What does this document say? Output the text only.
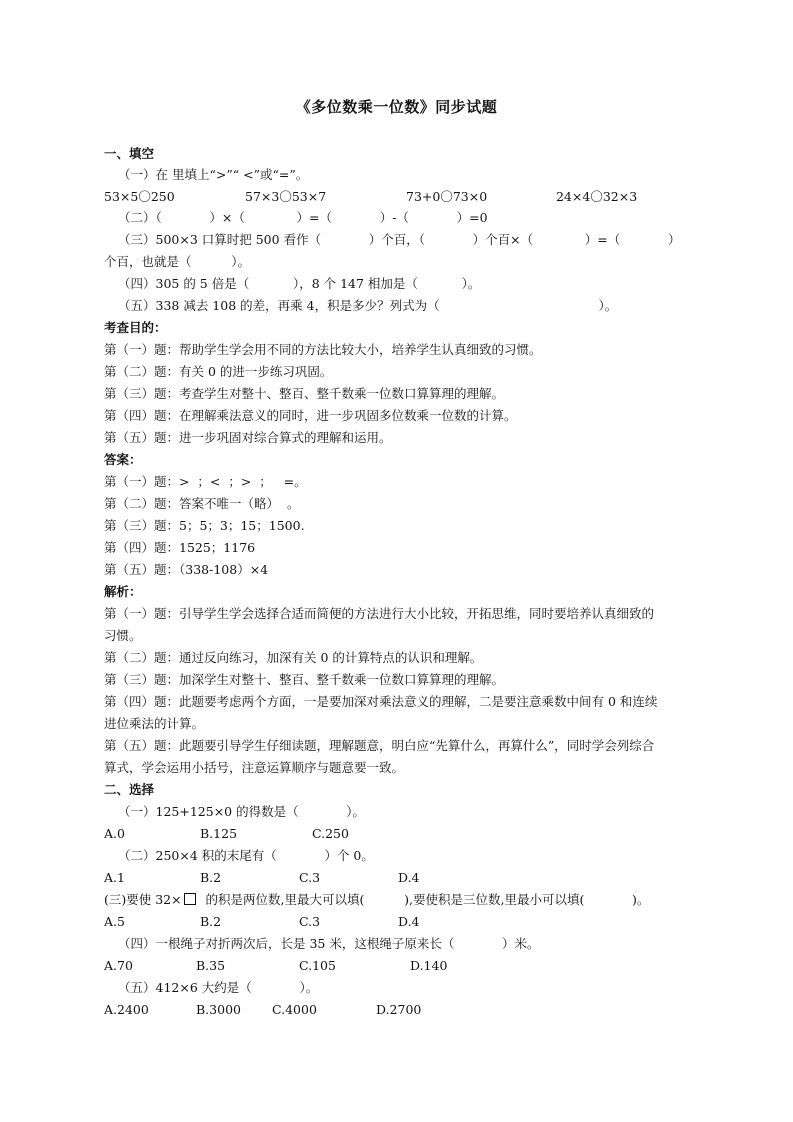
《多位数乘一位数》同步试题
一、填空
（一）在 里填上“>”“ <”或“=”。
53×5〇250	57×3〇53×7	73+0〇73×0	24×4〇32×3
（二）（            ）×（             ）=（            ）-（            ）=0
（三）500×3 口算时把 500 看作（            ）个百，（            ）个百×（             ）=（            ）
个百，也就是（          ）。
（四）305 的 5 倍是（           ），8 个 147 相加是（           ）。
（五）338 减去 108 的差，再乘 4，积是多少？列式为（                                        ）。
考查目的：
第（一）题：帮助学生学会用不同的方法比较大小，培养学生认真细致的习惯。
第（二）题：有关 0 的进一步练习巩固。
第（三）题：考查学生对整十、整百、整千数乘一位数口算算理的理解。
第（四）题：在理解乘法意义的同时，进一步巩固多位数乘一位数的计算。
第（五）题：进一步巩固对综合算式的理解和运用。
答案：
第（一）题：>  ；<  ；>  ；   =。
第（二）题：答案不唯一（略）  。
第（三）题：5；5；3；15；1500.
第（四）题：1525；1176
第（五）题：（338-108）×4
解析：
第（一）题：引导学生学会选择合适而简便的方法进行大小比较，开拓思维，同时要培养认真细致的
习惯。
第（二）题：通过反向练习，加深有关 0 的计算特点的认识和理解。
第（三）题：加深学生对整十、整百、整千数乘一位数口算算理的理解。
第（四）题：此题要考虑两个方面，一是要加深对乘法意义的理解，二是要注意乘数中间有 0 和连续
进位乘法的计算。
第（五）题：此题要引导学生仔细读题，理解题意，明白应“先算什么，再算什么”，同时学会列综合
算式，学会运用小括号，注意运算顺序与题意要一致。
二、选择
（一）125+125×0 的得数是（            ）。
A.0	B.125	C.250
（二）250×4 积的末尾有（            ）个 0。
A.1	B.2	C.3	D.4
(三)要使 32×  的积是两位数,里最大可以填(          ),要使积是三位数,里最小可以填(            )。
A.5	B.2	C.3	D.4
（四）一根绳子对折两次后，长是 35 米，这根绳子原来长（            ）米。
A.70	B.35	C.105	D.140
（五）412×6 大约是（            ）。
A.2400	B.3000 C.4000	D.2700
